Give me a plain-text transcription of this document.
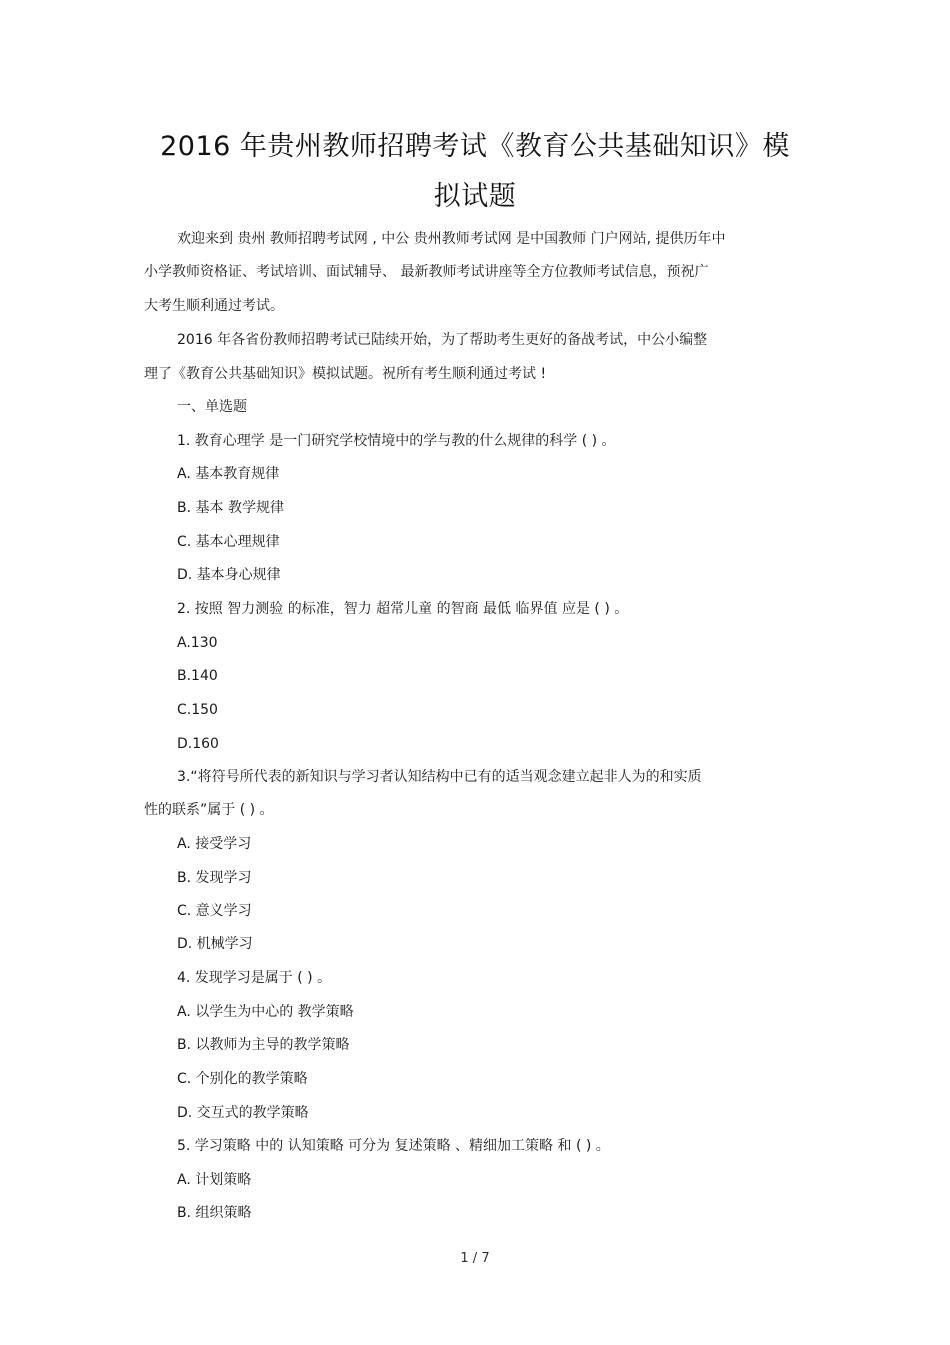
2016 年贵州教师招聘考试《教育公共基础知识》模
拟试题
欢迎来到 贵州 教师招聘考试网 , 中公 贵州教师考试网 是中国教师 门户网站, 提供历年中
小学教师资格证、考试培训、面试辅导、 最新教师考试讲座等全方位教师考试信息，预祝广
大考生顺利通过考试。
2016 年各省份教师招聘考试已陆续开始，为了帮助考生更好的备战考试，中公小编整
理了《教育公共基础知识》模拟试题。祝所有考生顺利通过考试 !
一、单选题
1. 教育心理学 是一门研究学校情境中的学与教的什么规律的科学 ( ) 。
A. 基本教育规律
B. 基本 教学规律
C. 基本心理规律
D. 基本身心规律
2. 按照 智力测验 的标准，智力 超常儿童 的智商 最低 临界值 应是 ( ) 。
A.130
B.140
C.150
D.160
3.“将符号所代表的新知识与学习者认知结构中已有的适当观念建立起非人为的和实质
性的联系”属于 ( ) 。
A. 接受学习
B. 发现学习
C. 意义学习
D. 机械学习
4. 发现学习是属于 ( ) 。
A. 以学生为中心的 教学策略
B. 以教师为主导的教学策略
C. 个别化的教学策略
D. 交互式的教学策略
5. 学习策略 中的 认知策略 可分为 复述策略 、精细加工策略 和 ( ) 。
A. 计划策略
B. 组织策略
1 / 7
